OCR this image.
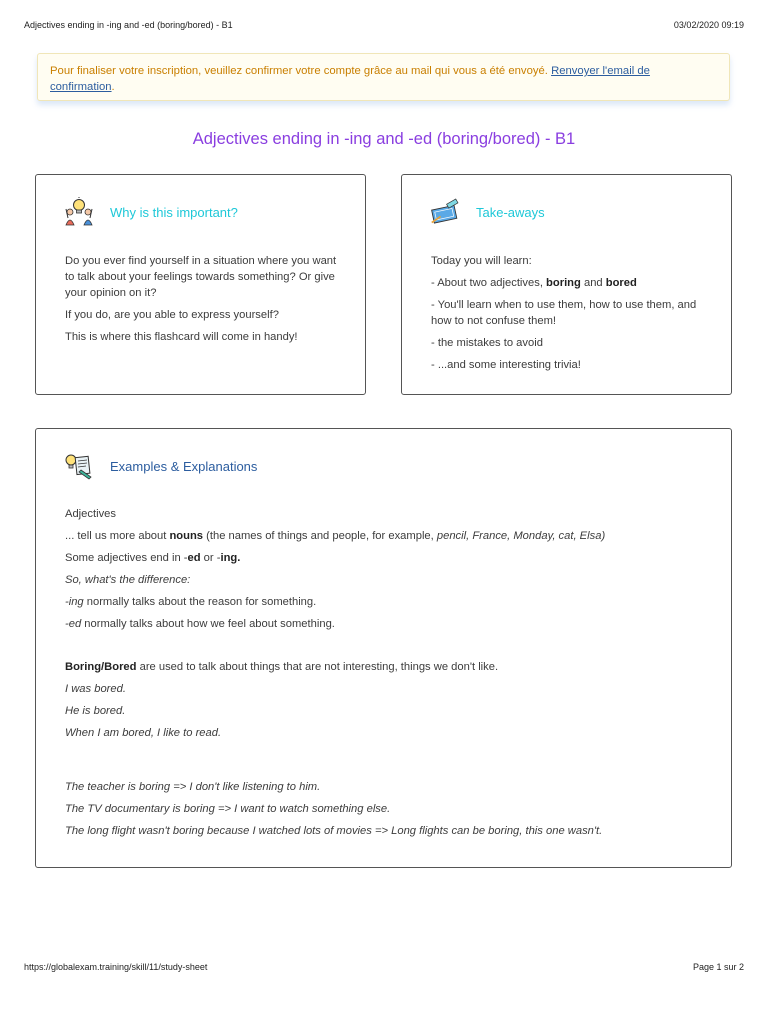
Adjectives ending in -ing and -ed (boring/bored) - B1	03/02/2020 09:19
Pour finaliser votre inscription, veuillez confirmer votre compte grâce au mail qui vous a été envoyé. Renvoyer l'email de confirmation.
Adjectives ending in -ing and -ed (boring/bored) - B1
Why is this important?

Do you ever find yourself in a situation where you want to talk about your feelings towards something? Or give your opinion on it?

If you do, are you able to express yourself?

This is where this flashcard will come in handy!

Take-aways

Today you will learn:

- About two adjectives, boring and bored

- You'll learn when to use them, how to use them, and how to not confuse them!

- the mistakes to avoid

- ...and some interesting trivia!

Examples & Explanations

Adjectives

... tell us more about nouns (the names of things and people, for example, pencil, France, Monday, cat, Elsa)

Some adjectives end in -ed or -ing.

So, what's the difference:

-ing normally talks about the reason for something.

-ed normally talks about how we feel about something.

Boring/Bored are used to talk about things that are not interesting, things we don't like.

I was bored.

He is bored.

When I am bored, I like to read.

The teacher is boring => I don't like listening to him.

The TV documentary is boring => I want to watch something else.

The long flight wasn't boring because I watched lots of movies => Long flights can be boring, this one wasn't.

https://globalexam.training/skill/11/study-sheet	Page 1 sur 2
